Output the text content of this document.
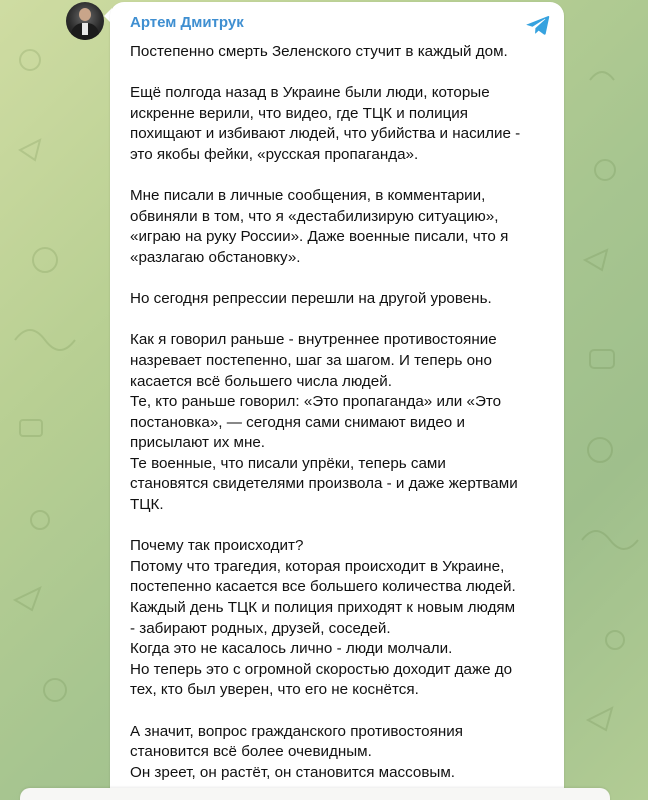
Артем Дмитрук

Постепенно смерть Зеленского стучит в каждый дом.

Ещё полгода назад в Украине были люди, которые
искренне верили, что видео, где ТЦК и полиция
похищают и избивают людей, что убийства и насилие -
это якобы фейки, «русская пропаганда».

Мне писали в личные сообщения, в комментарии,
обвиняли в том, что я «дестабилизирую ситуацию»,
«играю на руку России». Даже военные писали, что я
«разлагаю обстановку».

Но сегодня репрессии перешли на другой уровень.

Как я говорил раньше - внутреннее противостояние
назревает постепенно, шаг за шагом. И теперь оно
касается всё большего числа людей.
Те, кто раньше говорил: «Это пропаганда» или «Это
постановка», — сегодня сами снимают видео и
присылают их мне.
Те военные, что писали упрёки, теперь сами
становятся свидетелями произвола - и даже жертвами
ТЦК.

Почему так происходит?
Потому что трагедия, которая происходит в Украине,
постепенно касается все большего количества людей.
Каждый день ТЦК и полиция приходят к новым людям
- забирают родных, друзей, соседей.
Когда это не касалось лично - люди молчали.
Но теперь это с огромной скоростью доходит даже до
тех, кто был уверен, что его не коснётся.

А значит, вопрос гражданского противостояния
становится всё более очевидным.
Он зреет, он растёт, он становится массовым.
